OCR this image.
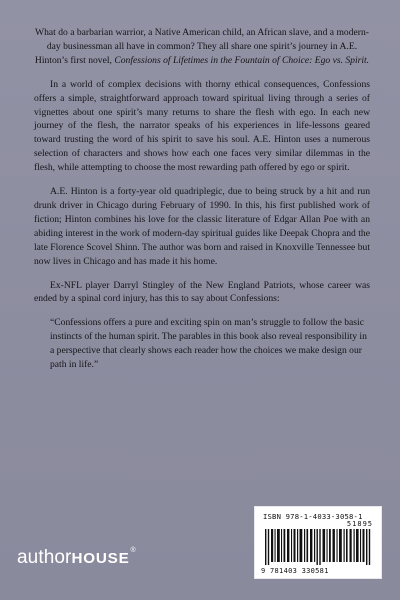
What do a barbarian warrior, a Native American child, an African slave, and a modern-day businessman all have in common? They all share one spirit’s journey in A.E. Hinton’s first novel, Confessions of Lifetimes in the Fountain of Choice: Ego vs. Spirit.

In a world of complex decisions with thorny ethical consequences, Confessions offers a simple, straightforward approach toward spiritual living through a series of vignettes about one spirit’s many returns to share the flesh with ego. In each new journey of the flesh, the narrator speaks of his experiences in life-lessons geared toward trusting the word of his spirit to save his soul. A.E. Hinton uses a numerous selection of characters and shows how each one faces very similar dilemmas in the flesh, while attempting to choose the most rewarding path offered by ego or spirit.

A.E. Hinton is a forty-year old quadriplegic, due to being struck by a hit and run drunk driver in Chicago during February of 1990. In this, his first published work of fiction; Hinton combines his love for the classic literature of Edgar Allan Poe with an abiding interest in the work of modern-day spiritual guides like Deepak Chopra and the late Florence Scovel Shinn. The author was born and raised in Knoxville Tennessee but now lives in Chicago and has made it his home.

Ex-NFL player Darryl Stingley of the New England Patriots, whose career was ended by a spinal cord injury, has this to say about Confessions:

“Confessions offers a pure and exciting spin on man’s struggle to follow the basic instincts of the human spirit. The parables in this book also reveal responsibility in a perspective that clearly shows each reader how the choices we make design our path in life.”

ISBN 978-1-4033-3058-1
51895
9 781403 330581
authorHOUSE®
